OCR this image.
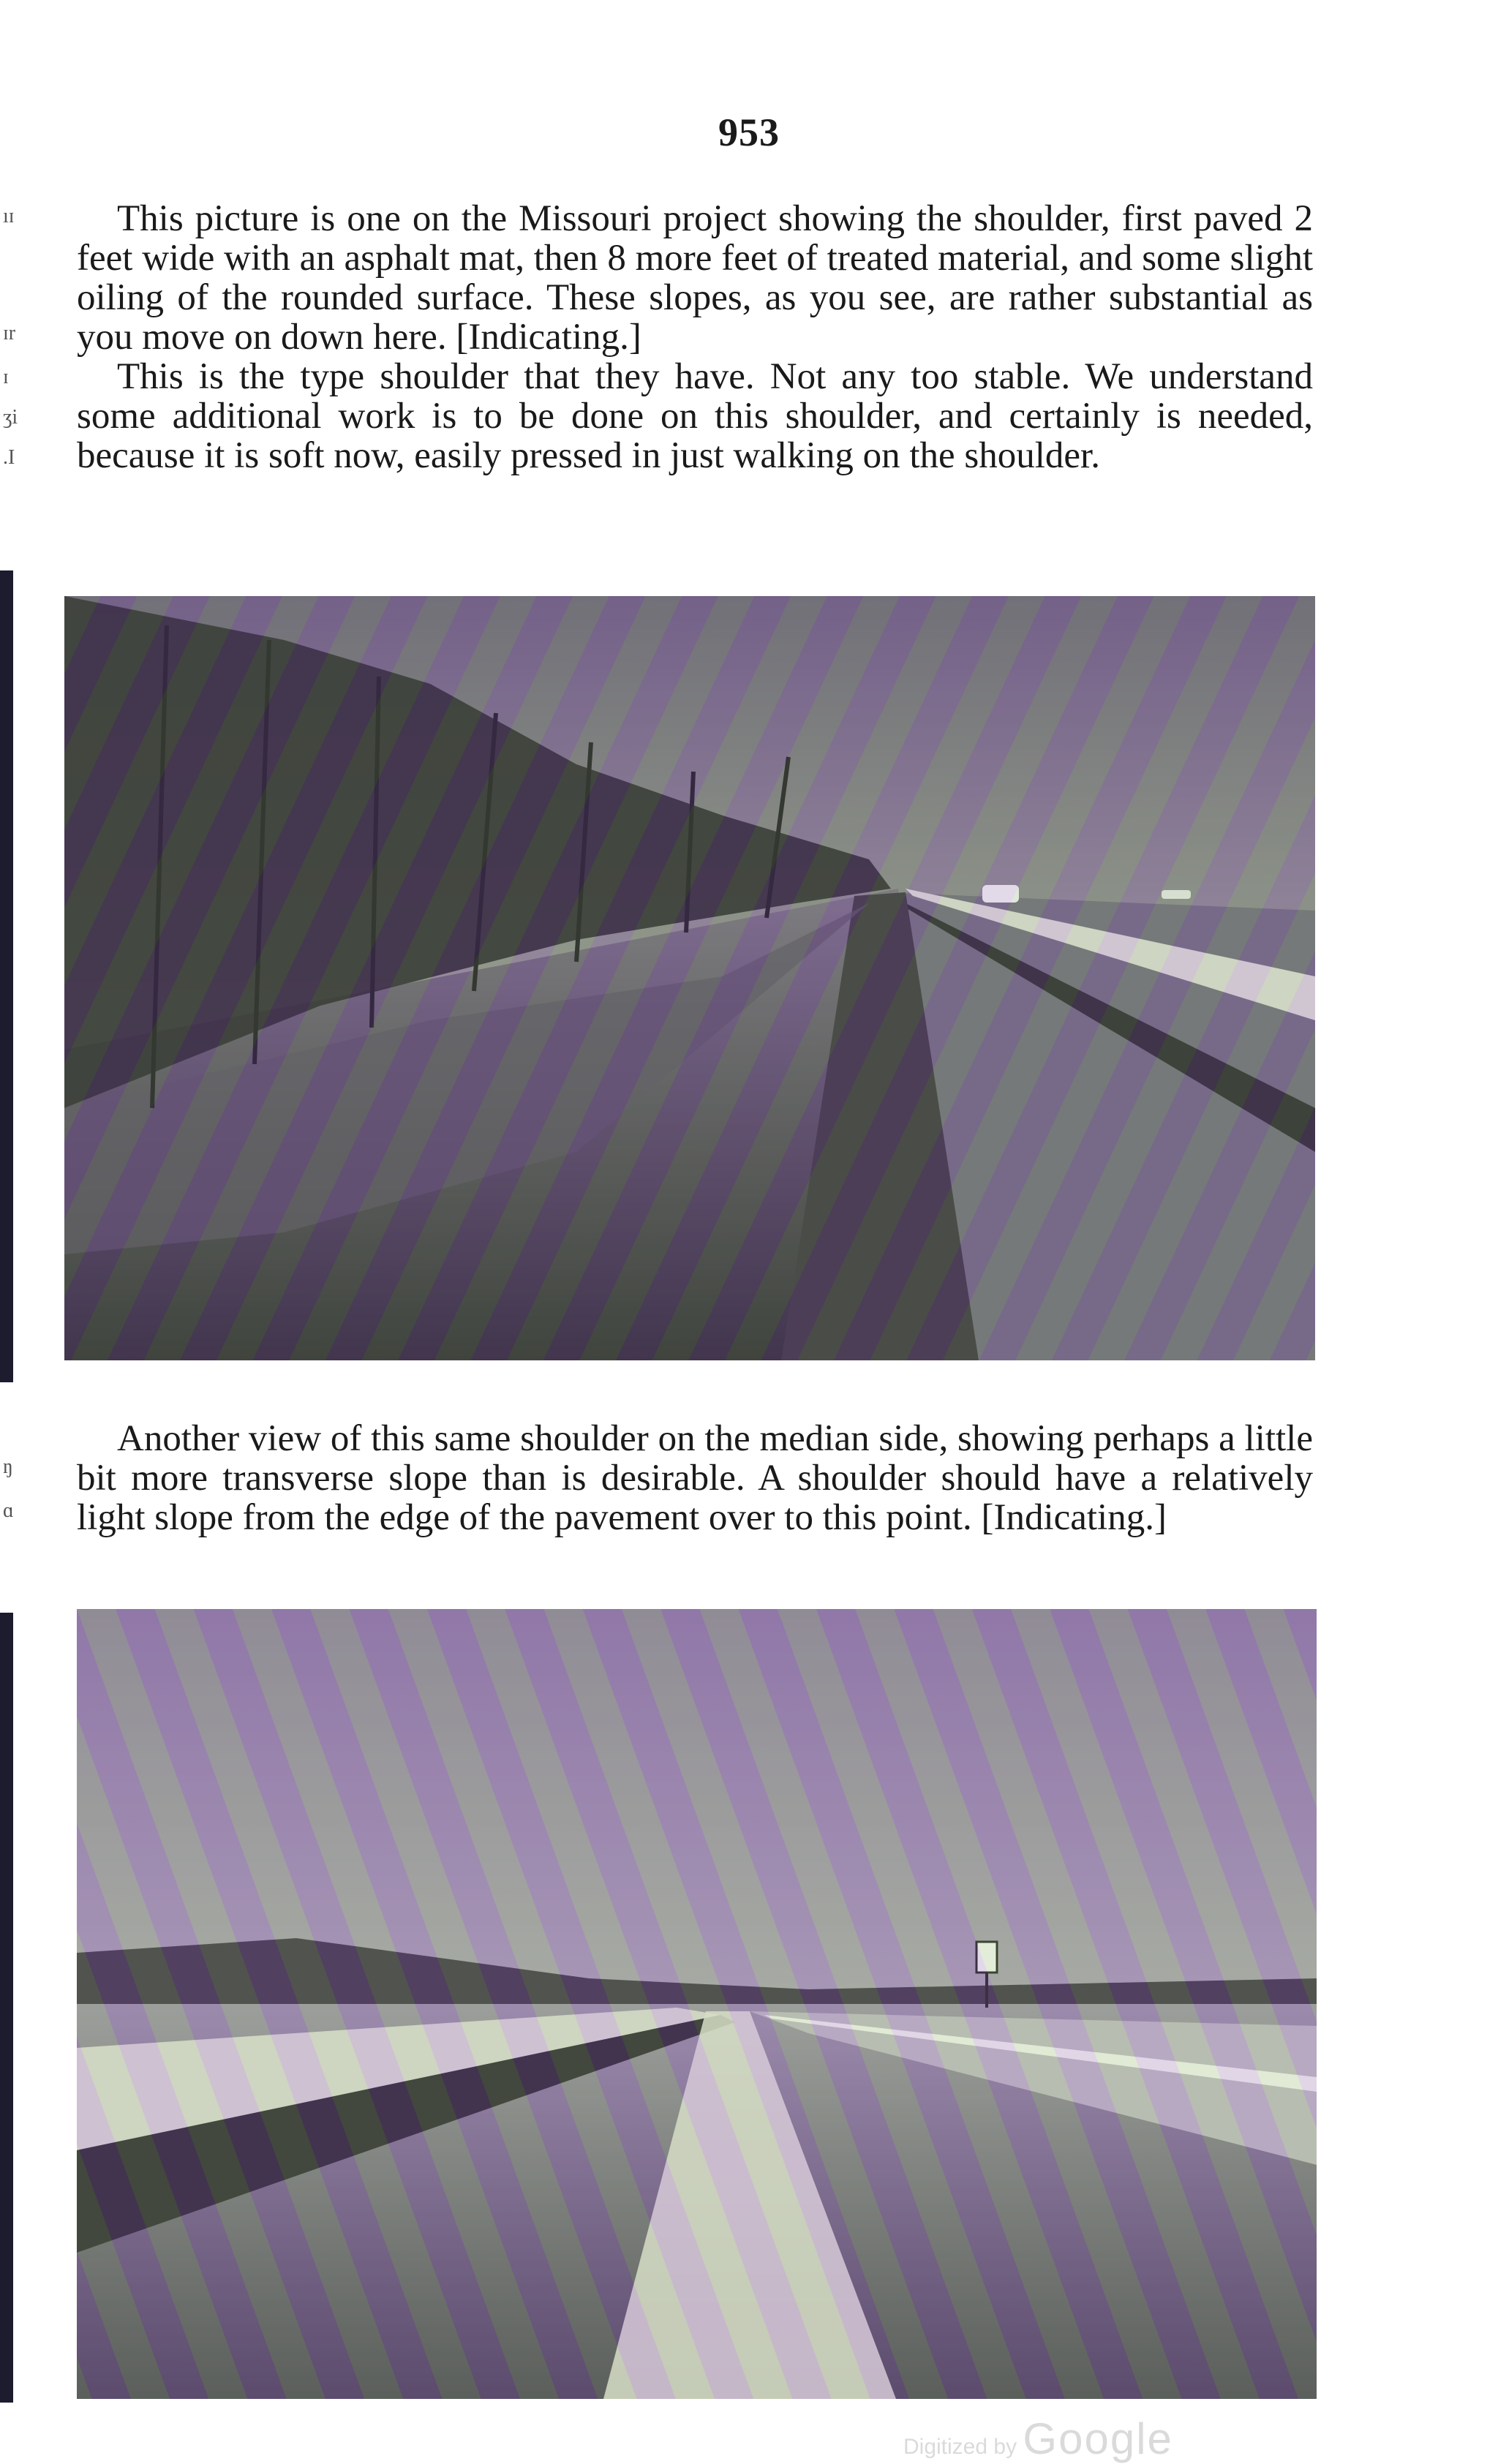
ıɪ
ɪr
ɪ
ʒi
.I
ŋ
ɑ
953

This picture is one on the Missouri project showing the shoulder, first paved 2 feet wide with an asphalt mat, then 8 more feet of treated material, and some slight oiling of the rounded surface. These slopes, as you see, are rather substantial as you move on down here. [Indicating.]

This is the type shoulder that they have. Not any too stable. We understand some additional work is to be done on this shoulder, and certainly is needed, because it is soft now, easily pressed in just walking on the shoulder.

Another view of this same shoulder on the median side, showing perhaps a little bit more transverse slope than is desirable. A shoulder should have a relatively light slope from the edge of the pavement over to this point. [Indicating.]

Digitized by Google
